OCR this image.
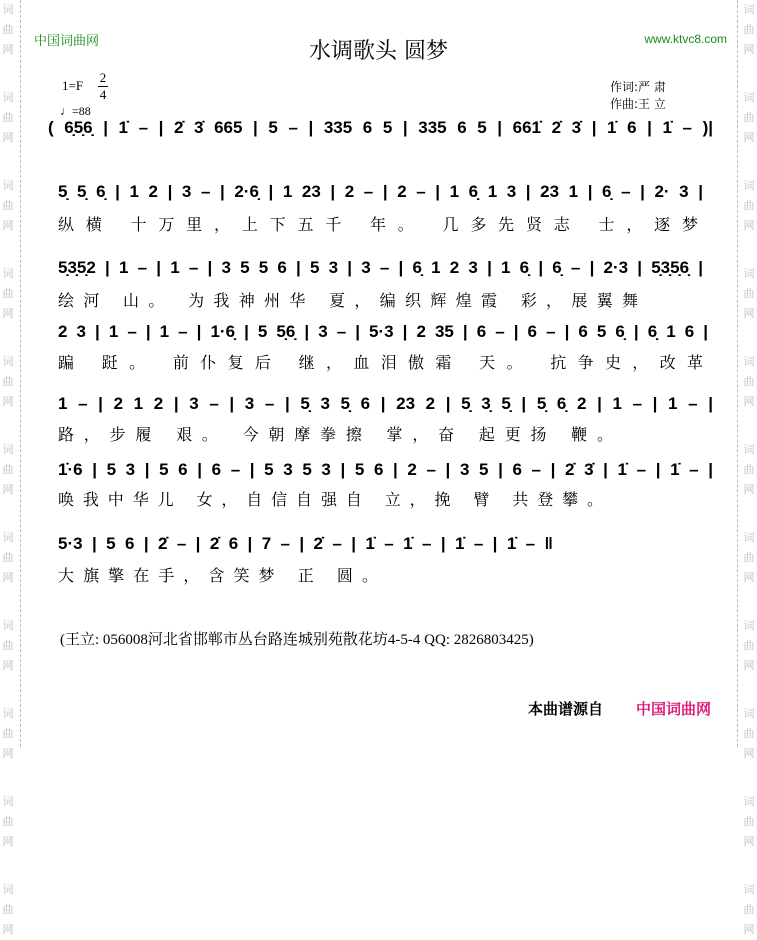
词曲网
词曲网
词曲网
词曲网
词曲网
词曲网
词曲网
词曲网
词曲网
词曲网
词曲网
词曲网
词曲网
词曲网
词曲网
词曲网
词曲网
词曲网
词曲网
词曲网
词曲网
词曲网
中国词曲网	www.ktvc8.com
水调歌头 圆梦
1=F
2
4
♩=88
作词:严 肃
作曲:王 立
( 6̣5̣6̣ | 1̇ – | 2̇ 3̇ 665 | 5 – | 335 6 5 | 335 6 5 | 661̇ 2̇ 3̇ | 1̇ 6 | 1̇ – )|
5̣ 5̣ 6̣ | 1 2 | 3 – | 2·6̣ | 1 23 | 2 – | 2 – | 1 6̣ 1 3 | 23 1 | 6̣ – | 2· 3 |
纵横 十万里，上下五千 年。 几多先贤志 士，逐梦
5̣3̣5̣2 | 1 – | 1 – | 3 5 5 6 | 5 3 | 3 – | 6̣ 1 2 3 | 1 6̣ | 6̣ – | 2·3 | 5̣3̣5̣6̣ |
绘河 山。 为我神州华 夏，编织辉煌霞 彩，展翼舞
2 3 | 1 – | 1 – | 1·6̣ | 5 5̣6̣ | 3 – | 5·3 | 2 35 | 6 – | 6 – | 6 5 6̣ | 6̣ 1 6 |
蹁 跹。 前仆复后 继，血泪傲霜 天。 抗争史，改革
1 – | 2 1 2 | 3 – | 3 – | 5̣ 3 5̣ 6 | 23 2 | 5̣ 3̣ 5̣ | 5̣ 6̣ 2 | 1 – | 1 – |
路，步履 艰。 今朝摩拳擦 掌，奋 起更扬 鞭。
1̇·6 | 5 3 | 5 6 | 6 – | 5 3 5 3 | 5 6 | 2 – | 3 5 | 6 – | 2̇ 3̇ | 1̇ – | 1̇ – |
唤我中华儿 女，自信自强自 立，挽 臂 共登攀。
5·3 | 5 6 | 2̇ – | 2̇ 6 | 7 – | 2̇ – | 1̇ – 1̇ – | 1̇ – | 1̇ – ‖
大旗擎在手，含笑梦 正 圆。
(王立: 056008河北省邯郸市丛台路连城别苑散花坊4-5-4 QQ: 2826803425)
本曲谱源自 中国词曲网
